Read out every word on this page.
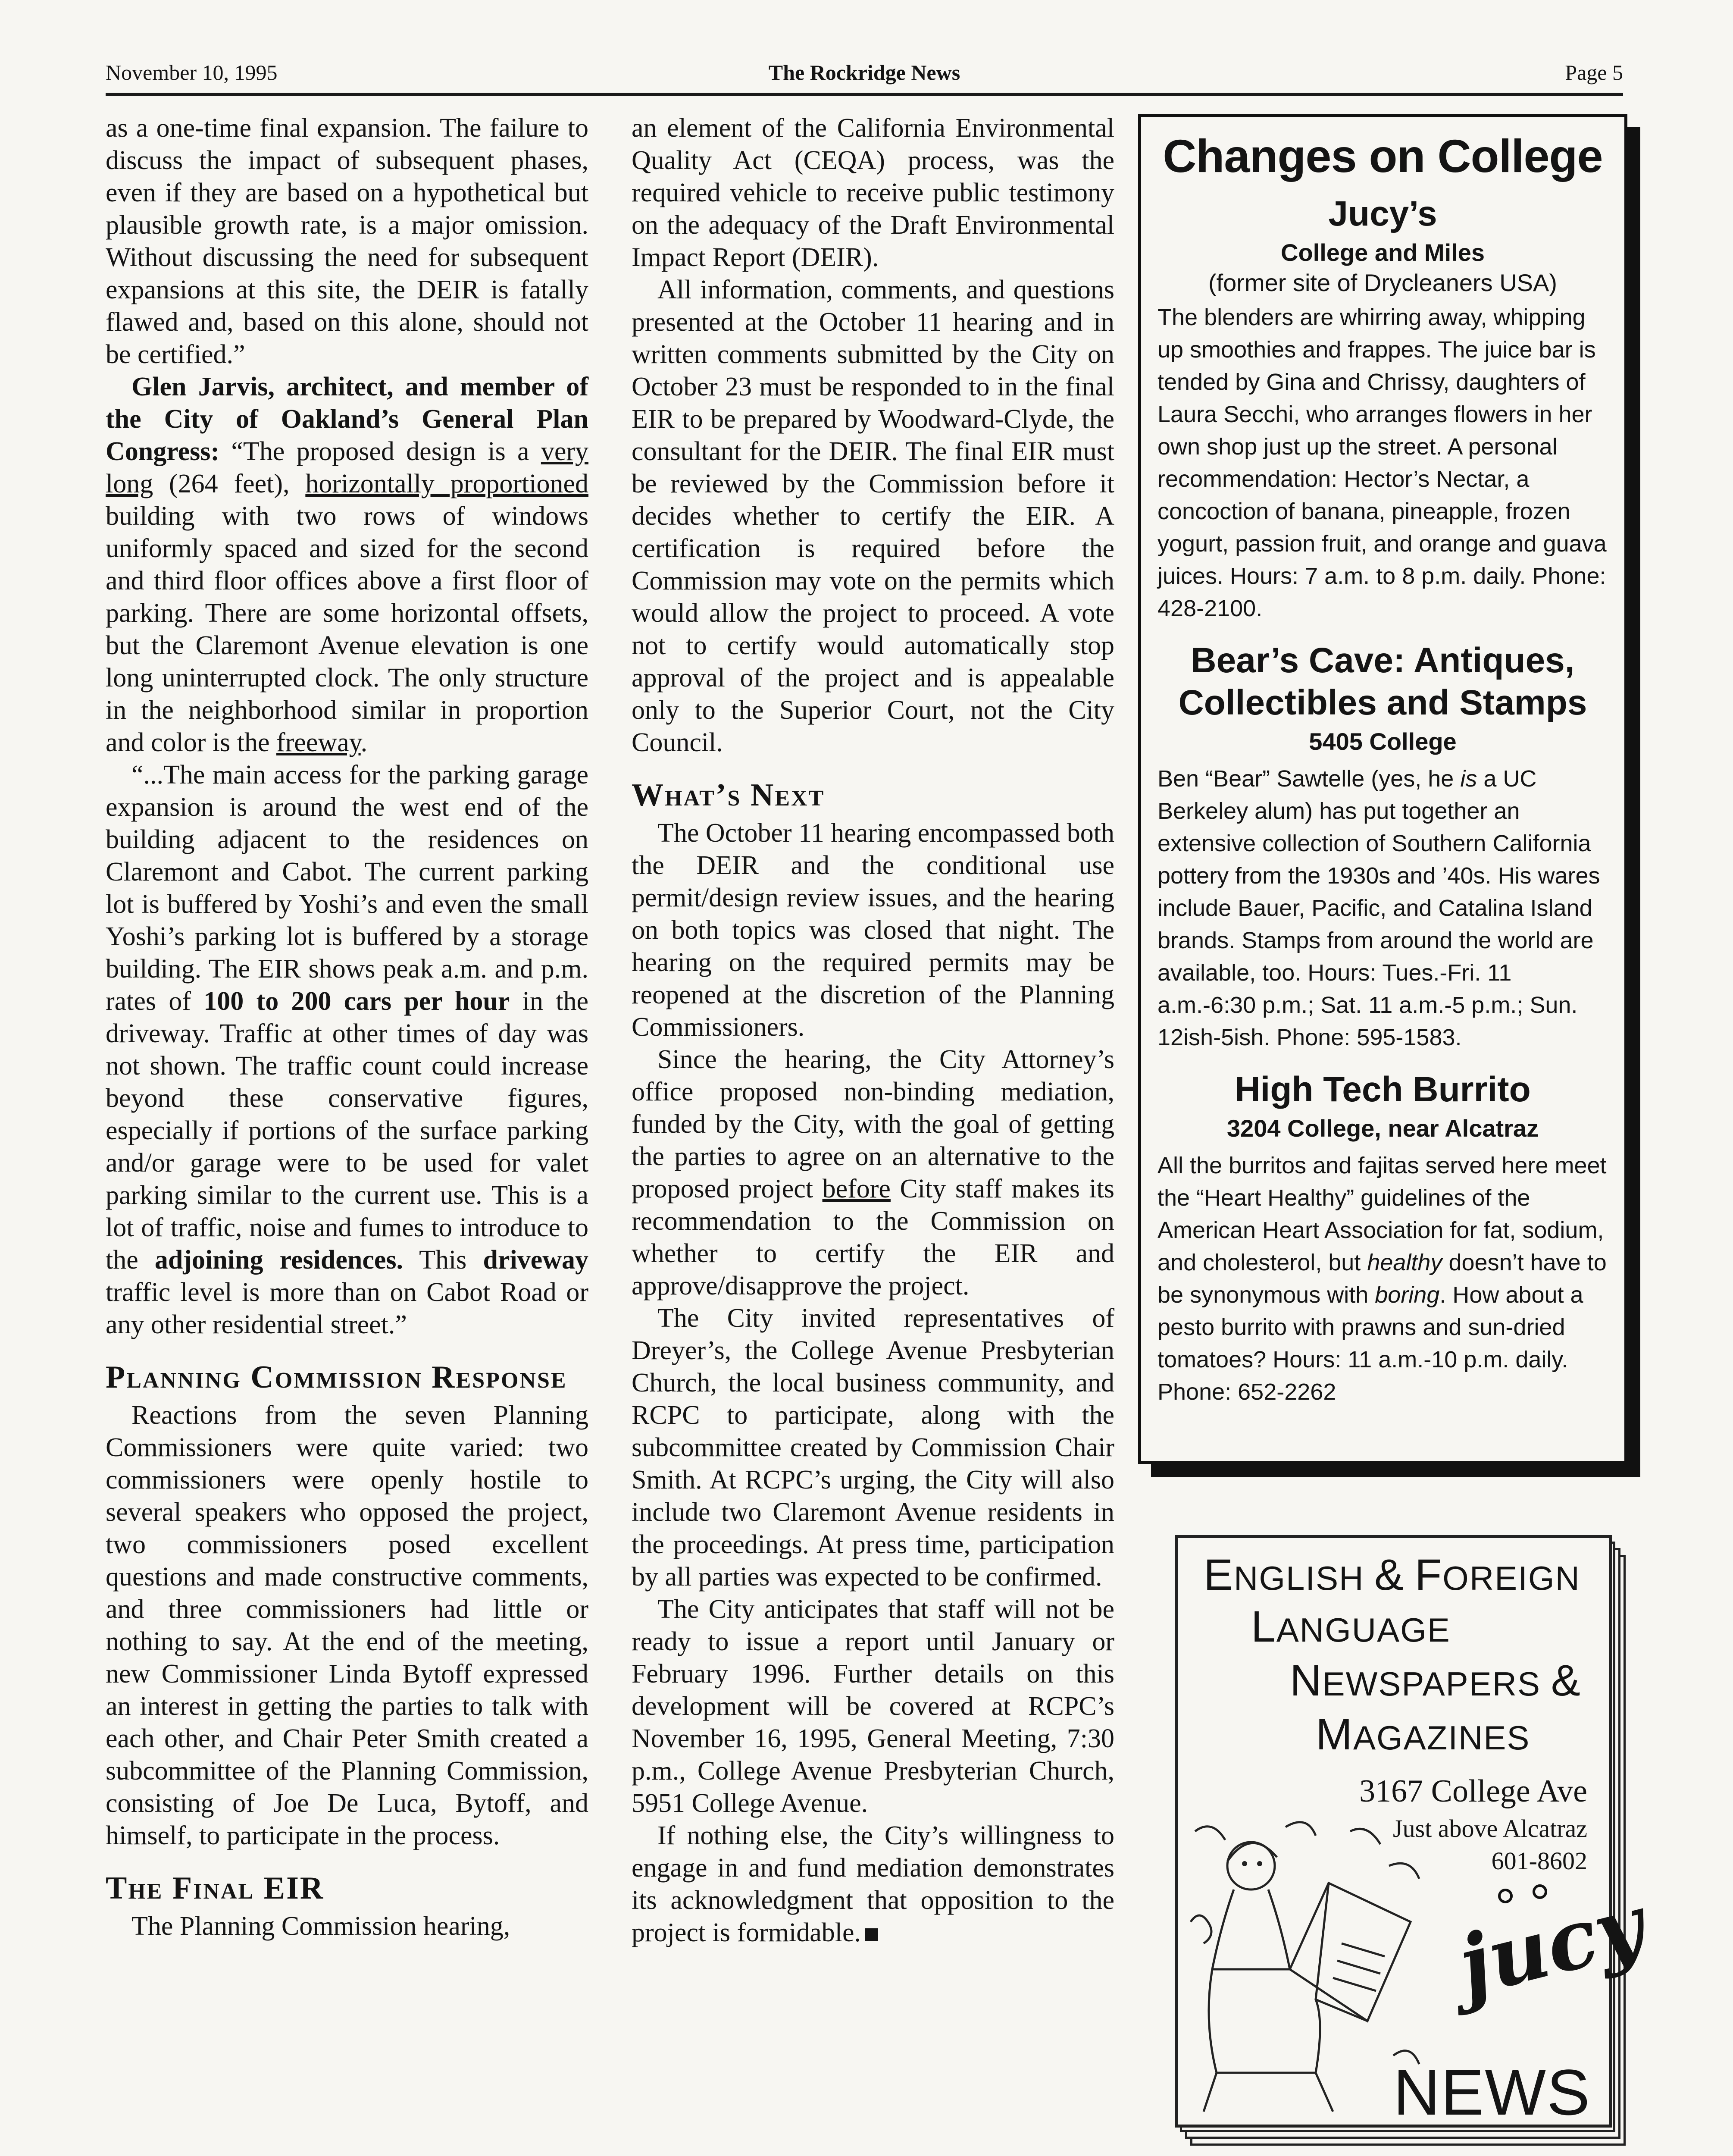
November 10, 1995	The Rockridge News	Page 5

as a one-time final expansion. The failure to discuss the impact of subsequent phases, even if they are based on a hypothetical but plausible growth rate, is a major omission. Without discussing the need for subsequent expansions at this site, the DEIR is fatally flawed and, based on this alone, should not be certified.”

Glen Jarvis, architect, and member of the City of Oakland’s General Plan Congress: “The proposed design is a very long (264 feet), horizontally proportioned building with two rows of windows uniformly spaced and sized for the second and third floor offices above a first floor of parking. There are some horizontal offsets, but the Claremont Avenue elevation is one long uninterrupted clock. The only structure in the neighborhood similar in proportion and color is the freeway.

“...The main access for the parking garage expansion is around the west end of the building adjacent to the residences on Claremont and Cabot. The current parking lot is buffered by Yoshi’s and even the small Yoshi’s parking lot is buffered by a storage building. The EIR shows peak a.m. and p.m. rates of 100 to 200 cars per hour in the driveway. Traffic at other times of day was not shown. The traffic count could increase beyond these conservative figures, especially if portions of the surface parking and/or garage were to be used for valet parking similar to the current use. This is a lot of traffic, noise and fumes to introduce to the adjoining residences. This driveway traffic level is more than on Cabot Road or any other residential street.”

Planning Commission Response

Reactions from the seven Planning Commissioners were quite varied: two commissioners were openly hostile to several speakers who opposed the project, two commissioners posed excellent questions and made constructive comments, and three commissioners had little or nothing to say. At the end of the meeting, new Commissioner Linda Bytoff expressed an interest in getting the parties to talk with each other, and Chair Peter Smith created a subcommittee of the Planning Commission, consisting of Joe De Luca, Bytoff, and himself, to participate in the process.

The Final EIR

The Planning Commission hearing,

an element of the California Environmental Quality Act (CEQA) process, was the required vehicle to receive public testimony on the adequacy of the Draft Environmental Impact Report (DEIR).

All information, comments, and questions presented at the October 11 hearing and in written comments submitted by the City on October 23 must be responded to in the final EIR to be prepared by Woodward-Clyde, the consultant for the DEIR. The final EIR must be reviewed by the Commission before it decides whether to certify the EIR. A certification is required before the Commission may vote on the permits which would allow the project to proceed. A vote not to certify would automatically stop approval of the project and is appealable only to the Superior Court, not the City Council.

What’s Next

The October 11 hearing encompassed both the DEIR and the conditional use permit/design review issues, and the hearing on both topics was closed that night. The hearing on the required permits may be reopened at the discretion of the Planning Commissioners.

Since the hearing, the City Attorney’s office proposed non-binding mediation, funded by the City, with the goal of getting the parties to agree on an alternative to the proposed project before City staff makes its recommendation to the Commission on whether to certify the EIR and approve/disapprove the project.

The City invited representatives of Dreyer’s, the College Avenue Presbyterian Church, the local business community, and RCPC to participate, along with the subcommittee created by Commission Chair Smith. At RCPC’s urging, the City will also include two Claremont Avenue residents in the proceedings. At press time, participation by all parties was expected to be confirmed.

The City anticipates that staff will not be ready to issue a report until January or February 1996. Further details on this development will be covered at RCPC’s November 16, 1995, General Meeting, 7:30 p.m., College Avenue Presbyterian Church, 5951 College Avenue.

If nothing else, the City’s willingness to engage in and fund mediation demonstrates its acknowledgment that opposition to the project is formidable.

Changes on College
Jucy’s
College and Miles
(former site of Drycleaners USA)

The blenders are whirring away, whipping up smoothies and frappes. The juice bar is tended by Gina and Chrissy, daughters of Laura Secchi, who arranges flowers in her own shop just up the street. A personal recommendation: Hector’s Nectar, a concoction of banana, pineapple, frozen yogurt, passion fruit, and orange and guava juices. Hours: 7 a.m. to 8 p.m. daily. Phone: 428-2100.

Bear’s Cave: Antiques, Collectibles and Stamps
5405 College

Ben “Bear” Sawtelle (yes, he is a UC Berkeley alum) has put together an extensive collection of Southern California pottery from the 1930s and ’40s. His wares include Bauer, Pacific, and Catalina Island brands. Stamps from around the world are available, too. Hours: Tues.-Fri. 11 a.m.-6:30 p.m.; Sat. 11 a.m.-5 p.m.; Sun. 12ish-5ish. Phone: 595-1583.

High Tech Burrito
3204 College, near Alcatraz

All the burritos and fajitas served here meet the “Heart Healthy” guidelines of the American Heart Association for fat, sodium, and cholesterol, but healthy doesn’t have to be synonymous with boring. How about a pesto burrito with prawns and sun-dried tomatoes? Hours: 11 a.m.-10 p.m. daily. Phone: 652-2262

ENGLISH & FOREIGN
LANGUAGE
NEWSPAPERS &
MAGAZINES
3167 College Ave
Just above Alcatraz
601-8602
jucy
NEWS
